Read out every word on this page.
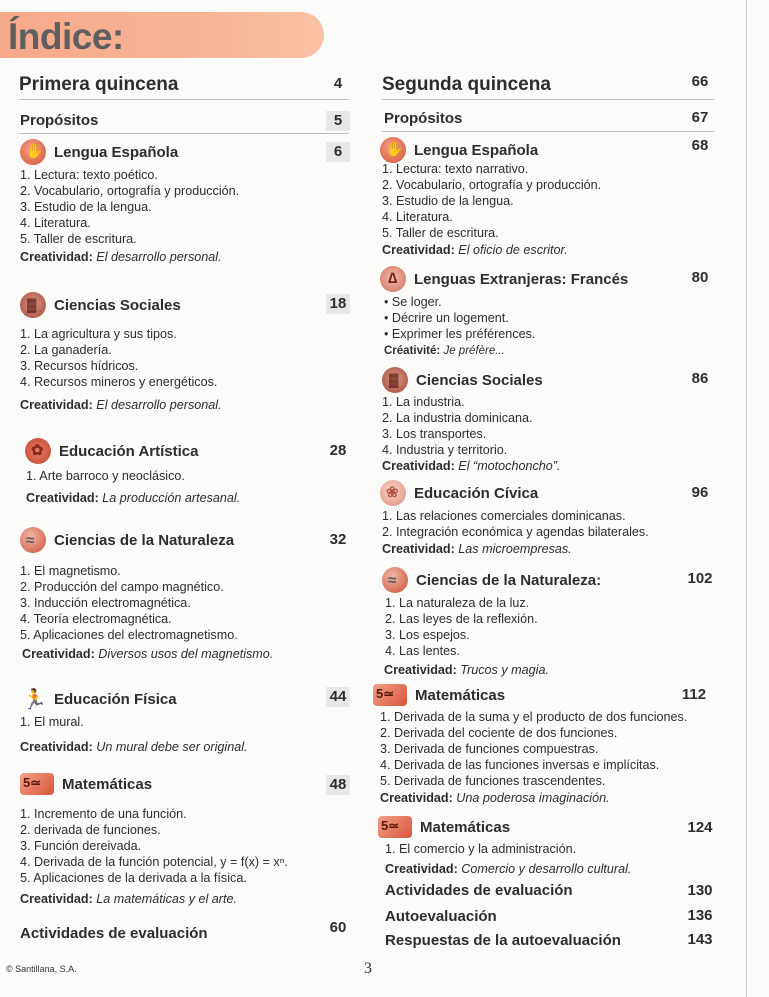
Índice:
Primera quincena	4
Propósitos	5
✋
Lengua Española	6
1. Lectura: texto poético.
2. Vocabulario, ortografía y producción.
3. Estudio de la lengua.
4. Literatura.
5. Taller de escritura.
Creatividad: El desarrollo personal.
▓
Ciencias Sociales	18
1. La agricultura y sus tipos.
2. La ganadería.
3. Recursos hídricos.
4. Recursos mineros y energéticos.
Creatividad: El desarrollo personal.
✿
Educación Artística	28
1. Arte barroco y neoclásico.
Creatividad: La producción artesanal.
≈
Ciencias de la Naturaleza	32
1. El magnetismo.
2. Producción del campo magnético.
3. Inducción electromagnética.
4. Teoría electromagnética.
5. Aplicaciones del electromagnetismo.
Creatividad: Diversos usos del magnetismo.
🏃
Educación Física	44
1. El mural.
Creatividad: Un mural debe ser original.
5≃
Matemáticas	48
1. Incremento de una función.
2. derivada de funciones.
3. Función dereivada.
4. Derivada de la función potencial, y = f(x) = xⁿ.
5. Aplicaciones de la derivada a la física.
Creatividad: La matemáticas y el arte.
Actividades de evaluación	60
Segunda quincena	66
Propósitos	67
✋
Lengua Española	68
1. Lectura: texto narrativo.
2. Vocabulario, ortografía y producción.
3. Estudio de la lengua.
4. Literatura.
5. Taller de escritura.
Creatividad: El oficio de escritor.
∆
Lenguas Extranjeras: Francés	80
• Se loger.
• Décrire un logement.
• Exprimer les préférences.
Créativité: Je préfère...
▓
Ciencias Sociales	86
1. La industria.
2. La industria dominicana.
3. Los transportes.
4. Industria y territorio.
Creatividad: El “motochoncho”.
❀
Educación Cívica	96
1. Las relaciones comerciales dominicanas.
2. Integración económica y agendas bilaterales.
Creatividad: Las microempresas.
≈
Ciencias de la Naturaleza:	102
1. La naturaleza de la luz.
2. Las leyes de la reflexión.
3. Los espejos.
4. Las lentes.
Creatividad: Trucos y magia.
5≃
Matemáticas	112
1. Derivada de la suma y el producto de dos funciones.
2. Derivada del cociente de dos funciones.
3. Derivada de funciones compuestras.
4. Derivada de las funciones inversas e implícitas.
5. Derivada de funciones trascendentes.
Creatividad: Una poderosa imaginación.
5≃
Matemáticas	124
1. El comercio y la administración.
Creatividad: Comercio y desarrollo cultural.
Actividades de evaluación	130
Autoevaluación	136
Respuestas de la autoevaluación	143
© Santillana, S.A.	3
